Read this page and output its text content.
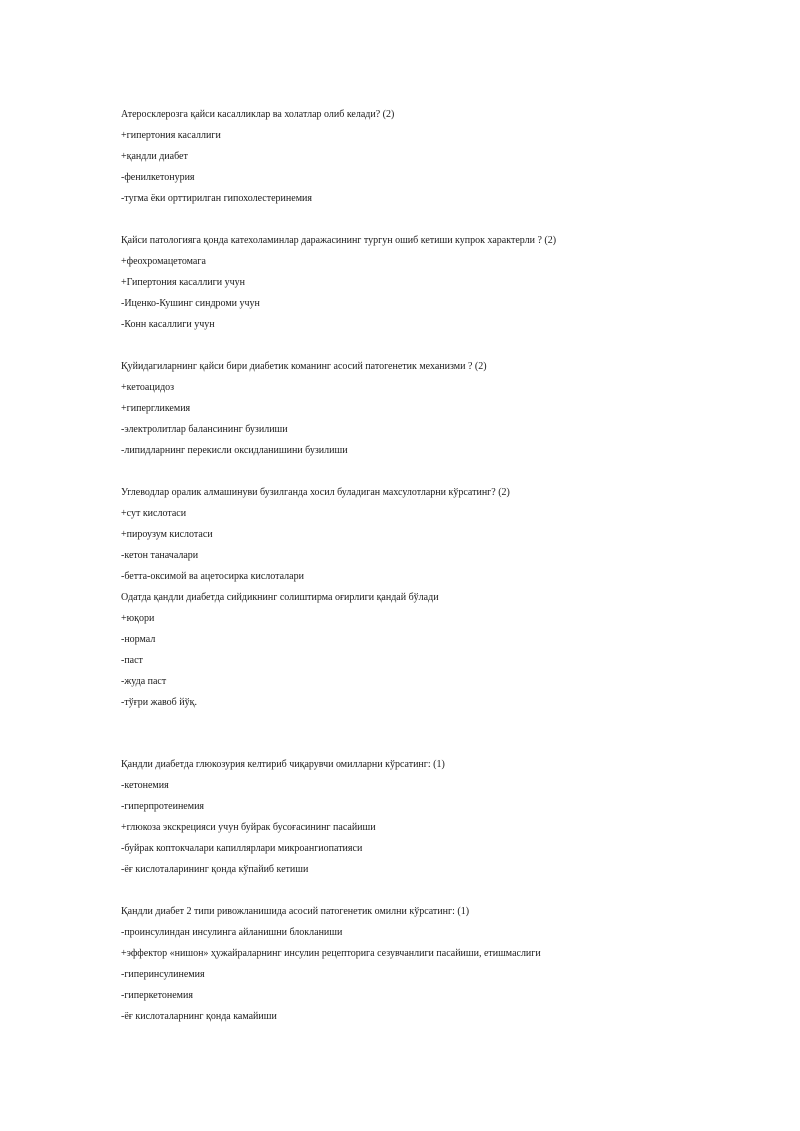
Атеросклерозга қайси касалликлар ва холатлар олиб келади? (2)
+гипертония касаллиги
+қандли диабет
-фенилкетонурия
-тугма ёки орттирилган гипохолестеринемия
Қайси патологияга қонда катехоламинлар даражасининг тургун ошиб кетиши купрок характерли ? (2)
+феохромацетомага
+Гипертония касаллиги учун
-Иценко-Кушинг синдроми учун
-Конн касаллиги учун
Қуйидагиларнинг қайси бири диабетик команинг асосий патогенетик механизми ? (2)
+кетоацидоз
+гипергликемия
-электролитлар балансининг бузилиши
-липидларнинг перекисли оксидланишини бузилиши
Углеводлар оралик алмашинуви бузилганда хосил буладиган махсулотларни кўрсатинг? (2)
+сут кислотаси
+пироузум кислотаси
-кетон таначалари
-бетта-оксимой ва ацетосирка кислоталари
Одатда қандли диабетда сийдикнинг солиштирма оғирлиги қандай бўлади
+юқори
-нормал
-паст
-жуда паст
-тўғри жавоб йўқ.
Қандли диабетда глюкозурия келтириб чиқарувчи омилларни кўрсатинг: (1)
-кетонемия
-гиперпротеинемия
+глюкоза экскрецияси учун буйрак бусоғасининг пасайиши
-буйрак коптокчалари капиллярлари микроангиопатияси
-ёғ кислоталарининг қонда кўпайиб кетиши
Қандли диабет 2 типи ривожланишида асосий патогенетик омилни кўрсатинг: (1)
-проинсулиндан инсулинга айланишни блокланиши
+эффектор «нишон» ҳужайраларнинг инсулин рецепторига сезувчанлиги пасайиши, етишмаслиги
-гиперинсулинемия
-гиперкетонемия
-ёғ кислоталарнинг қонда камайиши
